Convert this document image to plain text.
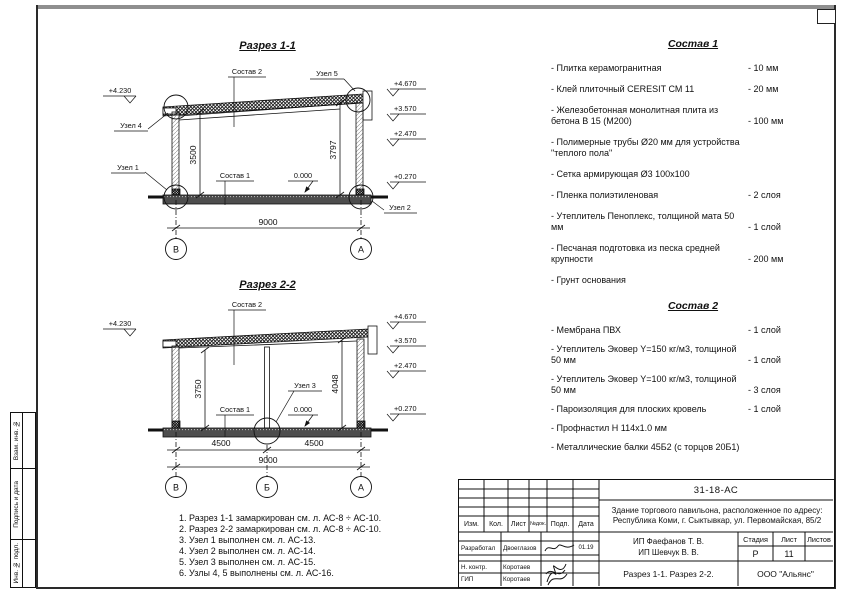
Разрез 1-1
Разрез 2-2
Состав 2	Узел 5
+4.230
Узел 4
Узел 1
Состав 1	0.000
Узел 2
+4.670
+3.570
+2.470
+0.270
3500	3797
9000
В	А
Состав 2
+4.230
Узел 3
Состав 1	0.000
+4.670
+3.570
+2.470
+0.270
3750	4048
4500	4500
9000
В	Б	А
Состав 1
- Плитка керамогранитная	- 10 мм
- Клей плиточный CERESIT СМ 11	- 20 мм
- Железобетонная монолитная плита из бетона В 15 (М200)	- 100 мм
- Полимерные трубы Ø20 мм для устройства "теплого пола"
- Сетка армирующая Ø3 100х100
- Пленка полиэтиленовая	- 2 слоя
- Утеплитель Пеноплекс, толщиной мата 50 мм	- 1 слой
- Песчаная подготовка из песка средней крупности	- 200 мм
- Грунт основания
Состав 2
- Мембрана ПВХ	- 1 слой
- Утеплитель Эковер Y=150 кг/м3, толщиной 50 мм	- 1 слой
- Утеплитель Эковер Y=100 кг/м3, толщиной 50 мм	- 3 слоя
- Пароизоляция для плоских кровель	- 1 слой
- Профнастил Н 114х1.0 мм
- Металлические балки 45Б2 (с торцов 20Б1)
1. Разрез 1-1 замаркирован см. л. АС-8 ÷ АС-10.
2. Разрез 2-2 замаркирован см. л. АС-8 ÷ АС-10.
3. Узел 1 выполнен см. л. АС-13.
4. Узел 2 выполнен см. л. АС-14.
5. Узел 3 выполнен см. л. АС-15.
6. Узлы 4, 5 выполнены см. л. АС-16.
Взам. инв. №
Подпись и дата
Инв. № подл.
Изм.	Кол.	Лист №док. Подп.	Дата
Разработал	Двоеглазов	01.19
Н. контр.	Коротаев
ГИП	Коротаев
31-18-АС
Здание торгового павильона, расположенное по адресу:
Республика Коми, г. Сыктывкар, ул. Первомайская, 85/2
ИП Фаефанов Т. В.
ИП Шевчук В. В.
Стадия	Лист	Листов
Р	11
Разрез 1-1. Разрез 2-2.	ООО "Альянс"
